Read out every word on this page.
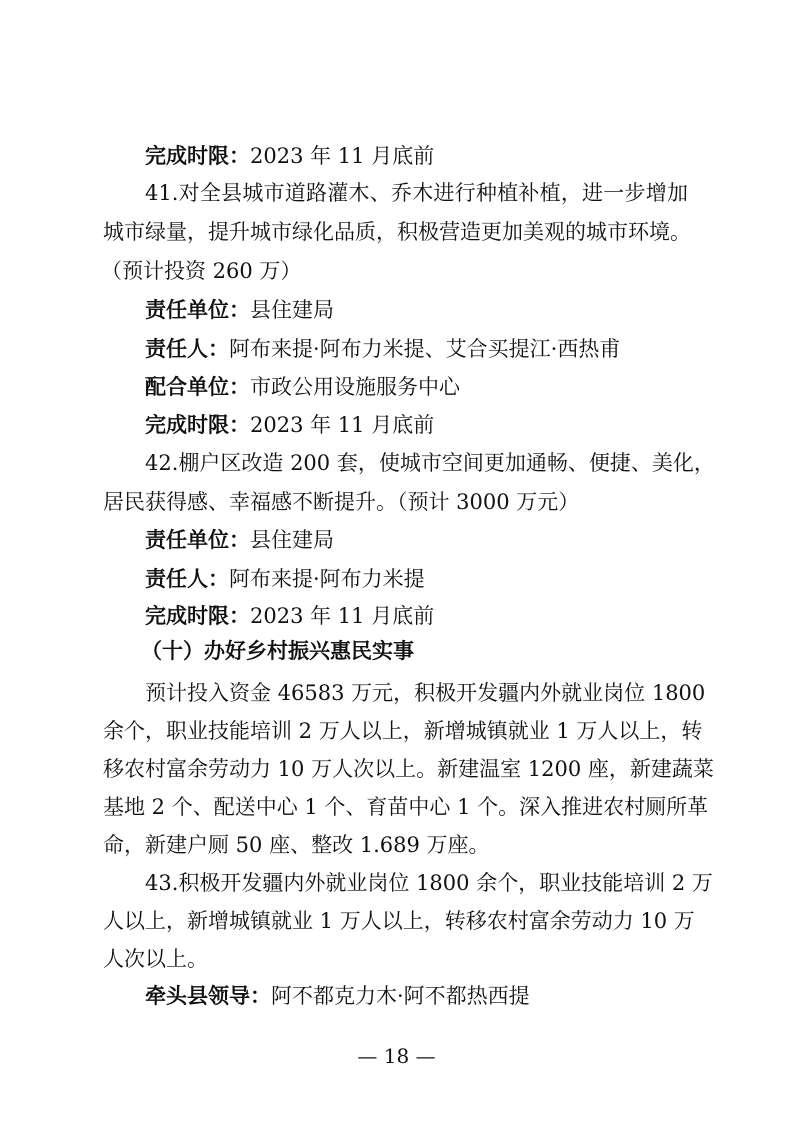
完成时限：2023 年 11 月底前
41.对全县城市道路灌木、乔木进行种植补植，进一步增加
城市绿量，提升城市绿化品质，积极营造更加美观的城市环境。
（预计投资 260 万）
责任单位：县住建局
责任人：阿布来提·阿布力米提、艾合买提江·西热甫
配合单位：市政公用设施服务中心
完成时限：2023 年 11 月底前
42.棚户区改造 200 套，使城市空间更加通畅、便捷、美化，
居民获得感、幸福感不断提升。（预计 3000 万元）
责任单位：县住建局
责任人：阿布来提·阿布力米提
完成时限：2023 年 11 月底前
（十）办好乡村振兴惠民实事
预计投入资金 46583 万元，积极开发疆内外就业岗位 1800
余个，职业技能培训 2 万人以上，新增城镇就业 1 万人以上，转
移农村富余劳动力 10 万人次以上。新建温室 1200 座，新建蔬菜
基地 2 个、配送中心 1 个、育苗中心 1 个。深入推进农村厕所革
命，新建户厕 50 座、整改 1.689 万座。
43.积极开发疆内外就业岗位 1800 余个，职业技能培训 2 万
人以上，新增城镇就业 1 万人以上，转移农村富余劳动力 10 万
人次以上。
牵头县领导：阿不都克力木·阿不都热西提
— 18 —
